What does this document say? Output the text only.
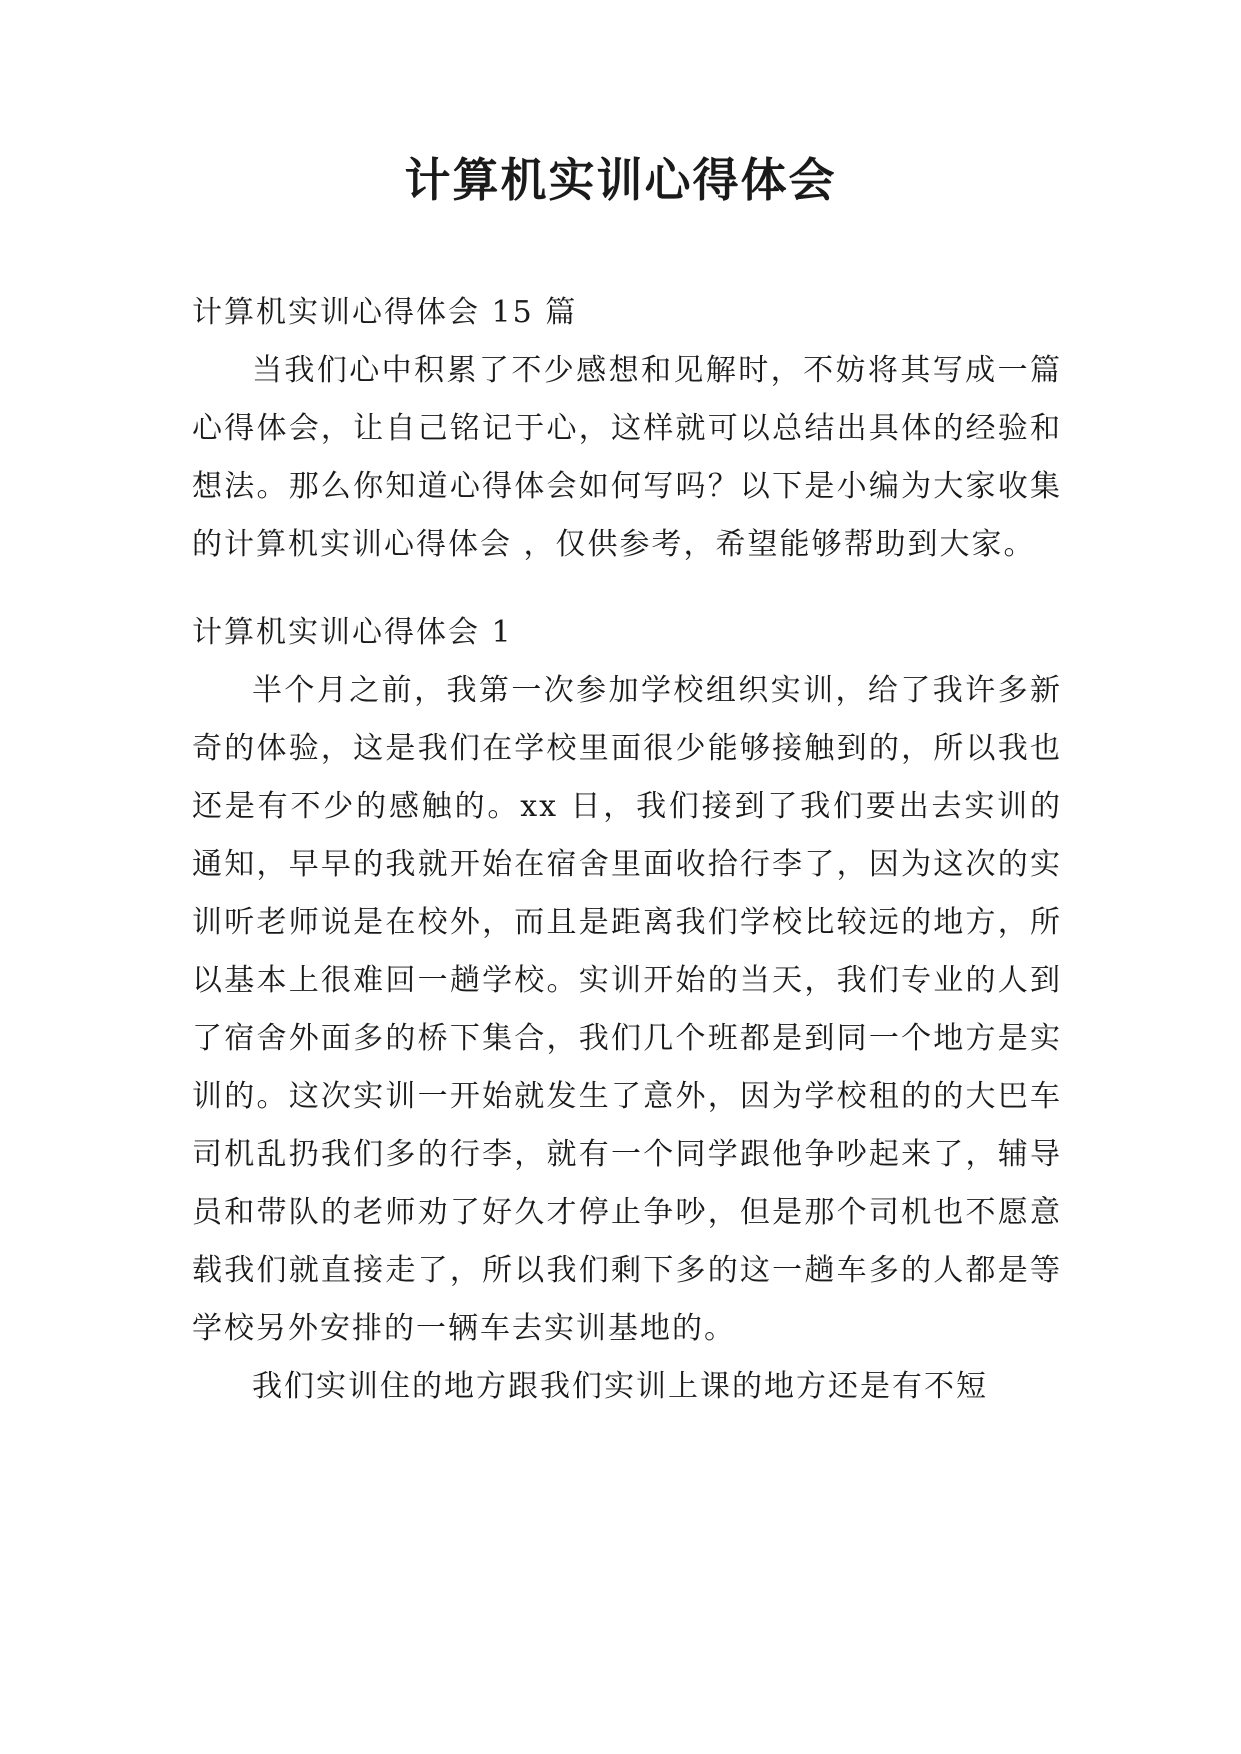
计算机实训心得体会

计算机实训心得体会 15 篇

当我们心中积累了不少感想和见解时，不妨将其写成一篇心得体会，让自己铭记于心，这样就可以总结出具体的经验和想法。那么你知道心得体会如何写吗？以下是小编为大家收集的计算机实训心得体会 ，仅供参考，希望能够帮助到大家。

计算机实训心得体会 1

半个月之前，我第一次参加学校组织实训，给了我许多新奇的体验，这是我们在学校里面很少能够接触到的，所以我也还是有不少的感触的。xx 日，我们接到了我们要出去实训的通知，早早的我就开始在宿舍里面收拾行李了，因为这次的实训听老师说是在校外，而且是距离我们学校比较远的地方，所以基本上很难回一趟学校。实训开始的当天，我们专业的人到了宿舍外面多的桥下集合，我们几个班都是到同一个地方是实训的。这次实训一开始就发生了意外，因为学校租的的大巴车司机乱扔我们多的行李，就有一个同学跟他争吵起来了，辅导员和带队的老师劝了好久才停止争吵，但是那个司机也不愿意载我们就直接走了，所以我们剩下多的这一趟车多的人都是等学校另外安排的一辆车去实训基地的。

我们实训住的地方跟我们实训上课的地方还是有不短
